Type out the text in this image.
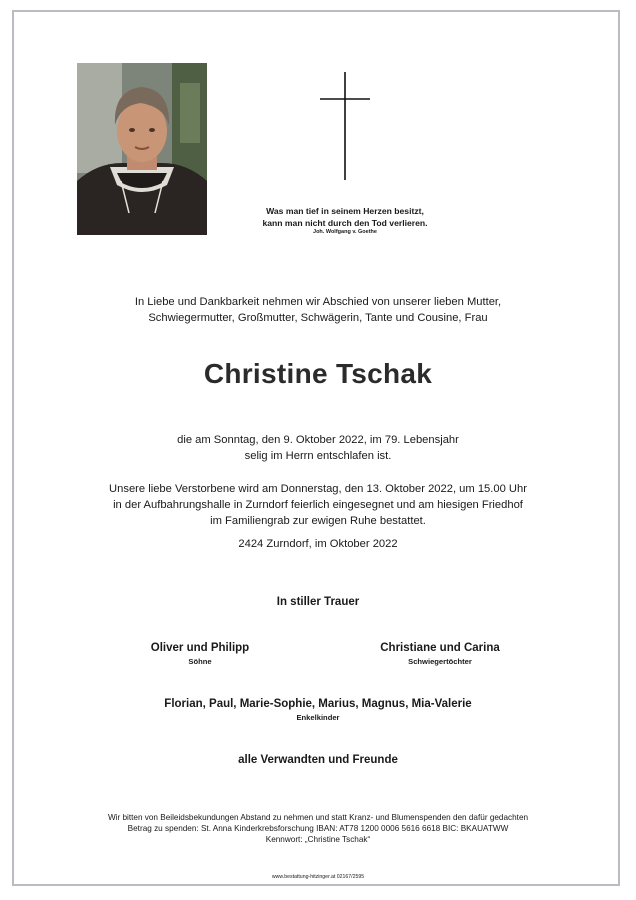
Was man tief in seinem Herzen besitzt,
kann man nicht durch den Tod verlieren.
Joh. Wolfgang v. Goethe
In Liebe und Dankbarkeit nehmen wir Abschied von unserer lieben Mutter,
Schwiegermutter, Großmutter, Schwägerin, Tante und Cousine, Frau
Christine Tschak
die am Sonntag, den 9. Oktober 2022, im 79. Lebensjahr
selig im Herrn entschlafen ist.
Unsere liebe Verstorbene wird am Donnerstag, den 13. Oktober 2022, um 15.00 Uhr
in der Aufbahrungshalle in Zurndorf feierlich eingesegnet und am hiesigen Friedhof
im Familiengrab zur ewigen Ruhe bestattet.
2424 Zurndorf, im Oktober 2022
In stiller Trauer
Oliver und Philipp
Söhne
Christiane und Carina
Schwiegertöchter
Florian, Paul, Marie-Sophie, Marius, Magnus, Mia-Valerie
Enkelkinder
alle Verwandten und Freunde
Wir bitten von Beileidsbekundungen Abstand zu nehmen und statt Kranz- und Blumenspenden den dafür gedachten
Betrag zu spenden: St. Anna Kinderkrebsforschung IBAN: AT78 1200 0006 5616 6618 BIC: BKAUATWW
Kennwort: „Christine Tschak“
www.bestattung-hitzinger.at 02167/2595
